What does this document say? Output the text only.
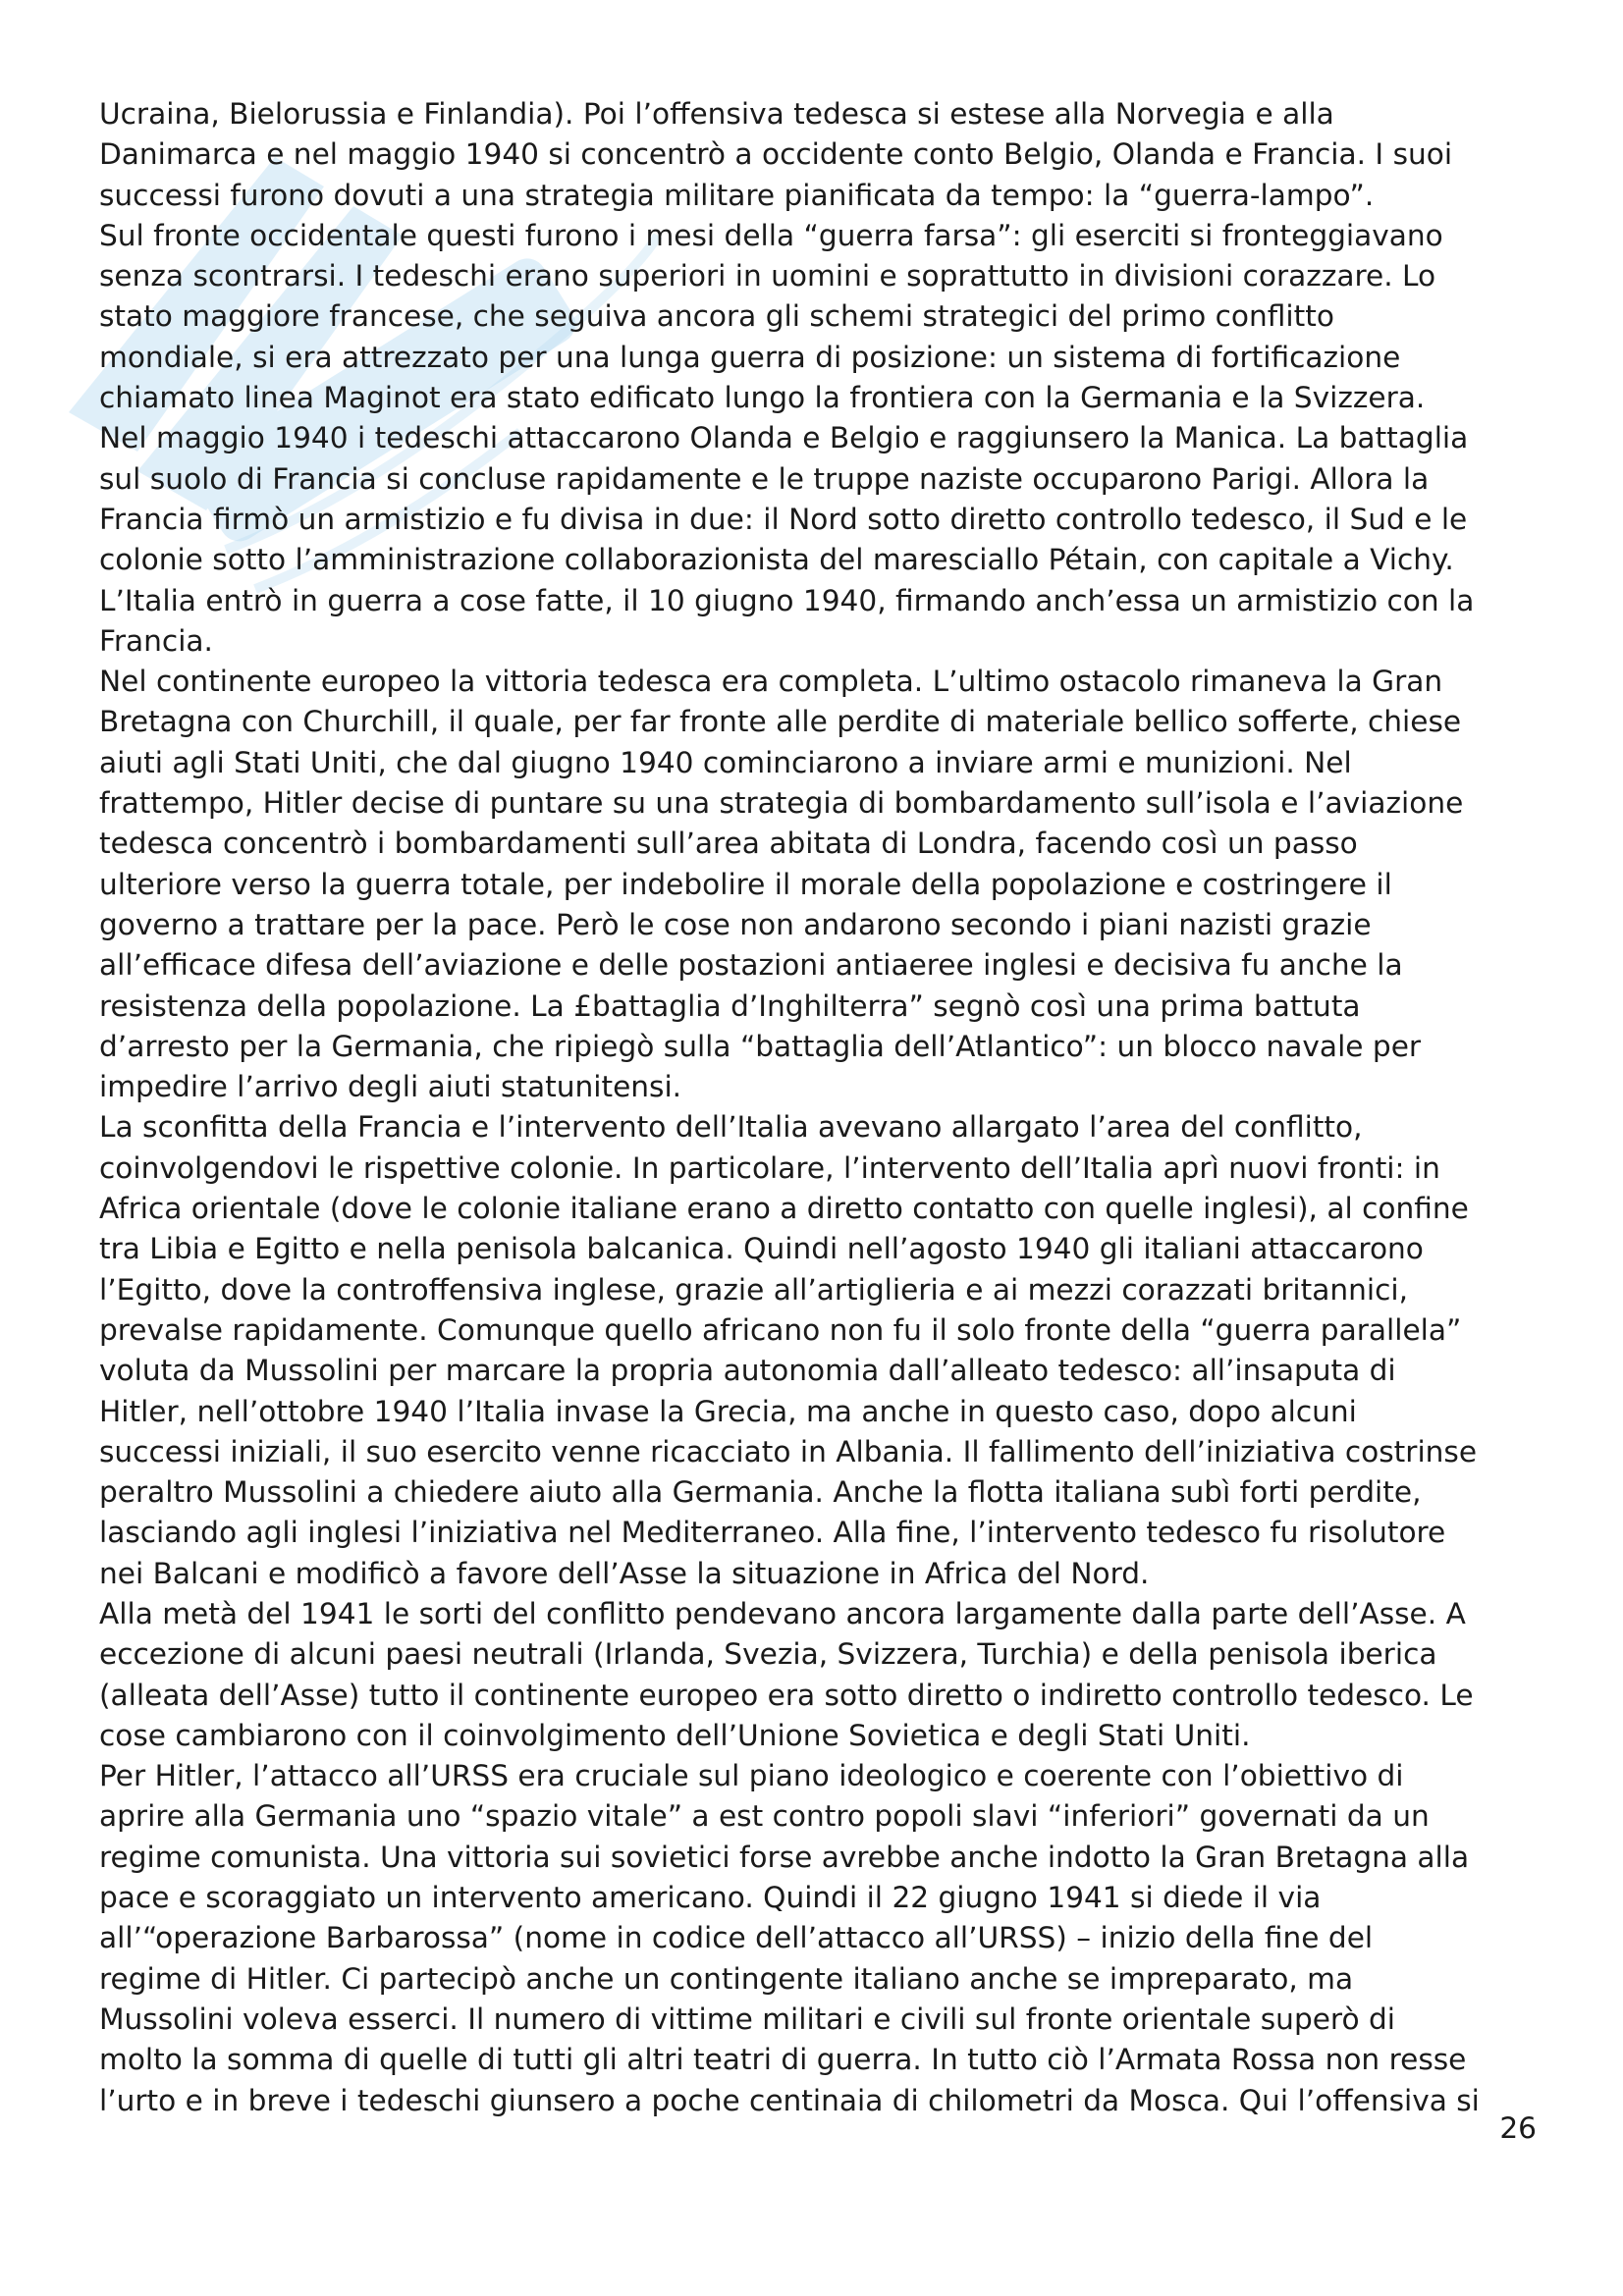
Ucraina, Bielorussia e Finlandia). Poi l’offensiva tedesca si estese alla Norvegia e alla
Danimarca e nel maggio 1940 si concentrò a occidente conto Belgio, Olanda e Francia. I suoi
successi furono dovuti a una strategia militare pianificata da tempo: la “guerra-lampo”.
Sul fronte occidentale questi furono i mesi della “guerra farsa”: gli eserciti si fronteggiavano
senza scontrarsi. I tedeschi erano superiori in uomini e soprattutto in divisioni corazzare. Lo
stato maggiore francese, che seguiva ancora gli schemi strategici del primo conflitto
mondiale, si era attrezzato per una lunga guerra di posizione: un sistema di fortificazione
chiamato linea Maginot era stato edificato lungo la frontiera con la Germania e la Svizzera.
Nel maggio 1940 i tedeschi attaccarono Olanda e Belgio e raggiunsero la Manica. La battaglia
sul suolo di Francia si concluse rapidamente e le truppe naziste occuparono Parigi. Allora la
Francia firmò un armistizio e fu divisa in due: il Nord sotto diretto controllo tedesco, il Sud e le
colonie sotto l’amministrazione collaborazionista del maresciallo Pétain, con capitale a Vichy.
L’Italia entrò in guerra a cose fatte, il 10 giugno 1940, firmando anch’essa un armistizio con la
Francia.
Nel continente europeo la vittoria tedesca era completa. L’ultimo ostacolo rimaneva la Gran
Bretagna con Churchill, il quale, per far fronte alle perdite di materiale bellico sofferte, chiese
aiuti agli Stati Uniti, che dal giugno 1940 cominciarono a inviare armi e munizioni. Nel
frattempo, Hitler decise di puntare su una strategia di bombardamento sull’isola e l’aviazione
tedesca concentrò i bombardamenti sull’area abitata di Londra, facendo così un passo
ulteriore verso la guerra totale, per indebolire il morale della popolazione e costringere il
governo a trattare per la pace. Però le cose non andarono secondo i piani nazisti grazie
all’efficace difesa dell’aviazione e delle postazioni antiaeree inglesi e decisiva fu anche la
resistenza della popolazione. La £battaglia d’Inghilterra” segnò così una prima battuta
d’arresto per la Germania, che ripiegò sulla “battaglia dell’Atlantico”: un blocco navale per
impedire l’arrivo degli aiuti statunitensi.
La sconfitta della Francia e l’intervento dell’Italia avevano allargato l’area del conflitto,
coinvolgendovi le rispettive colonie. In particolare, l’intervento dell’Italia aprì nuovi fronti: in
Africa orientale (dove le colonie italiane erano a diretto contatto con quelle inglesi), al confine
tra Libia e Egitto e nella penisola balcanica. Quindi nell’agosto 1940 gli italiani attaccarono
l’Egitto, dove la controffensiva inglese, grazie all’artiglieria e ai mezzi corazzati britannici,
prevalse rapidamente. Comunque quello africano non fu il solo fronte della “guerra parallela”
voluta da Mussolini per marcare la propria autonomia dall’alleato tedesco: all’insaputa di
Hitler, nell’ottobre 1940 l’Italia invase la Grecia, ma anche in questo caso, dopo alcuni
successi iniziali, il suo esercito venne ricacciato in Albania. Il fallimento dell’iniziativa costrinse
peraltro Mussolini a chiedere aiuto alla Germania. Anche la flotta italiana subì forti perdite,
lasciando agli inglesi l’iniziativa nel Mediterraneo. Alla fine, l’intervento tedesco fu risolutore
nei Balcani e modificò a favore dell’Asse la situazione in Africa del Nord.
Alla metà del 1941 le sorti del conflitto pendevano ancora largamente dalla parte dell’Asse. A
eccezione di alcuni paesi neutrali (Irlanda, Svezia, Svizzera, Turchia) e della penisola iberica
(alleata dell’Asse) tutto il continente europeo era sotto diretto o indiretto controllo tedesco. Le
cose cambiarono con il coinvolgimento dell’Unione Sovietica e degli Stati Uniti.
Per Hitler, l’attacco all’URSS era cruciale sul piano ideologico e coerente con l’obiettivo di
aprire alla Germania uno “spazio vitale” a est contro popoli slavi “inferiori” governati da un
regime comunista. Una vittoria sui sovietici forse avrebbe anche indotto la Gran Bretagna alla
pace e scoraggiato un intervento americano. Quindi il 22 giugno 1941 si diede il via
all’“operazione Barbarossa” (nome in codice dell’attacco all’URSS) – inizio della fine del
regime di Hitler. Ci partecipò anche un contingente italiano anche se impreparato, ma
Mussolini voleva esserci. Il numero di vittime militari e civili sul fronte orientale superò di
molto la somma di quelle di tutti gli altri teatri di guerra. In tutto ciò l’Armata Rossa non resse
l’urto e in breve i tedeschi giunsero a poche centinaia di chilometri da Mosca. Qui l’offensiva si
26
